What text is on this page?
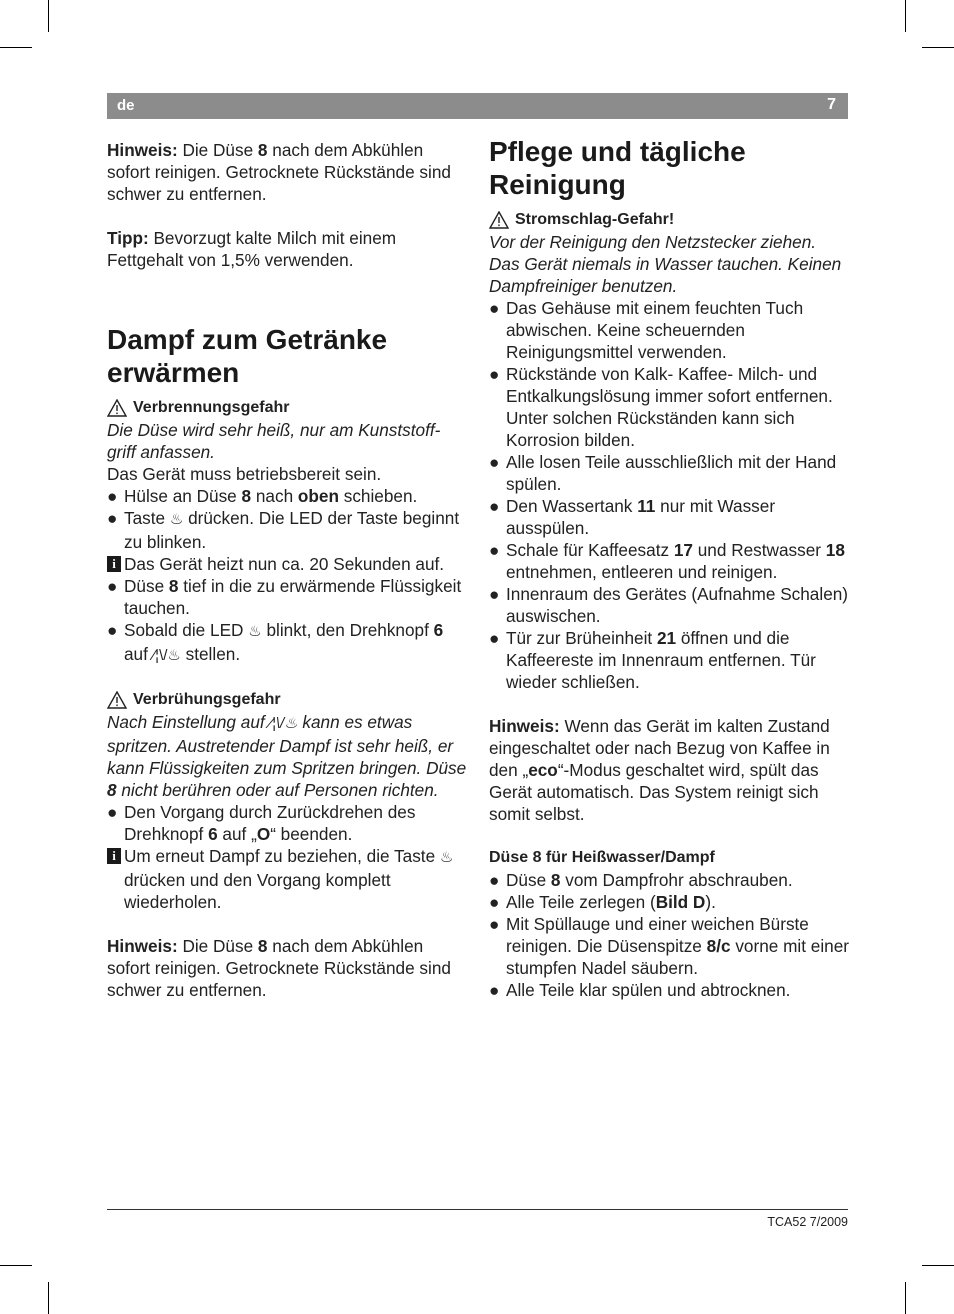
de	7

Hinweis: Die Düse 8 nach dem Abkühlen sofort reinigen. Getrocknete Rückstände sind schwer zu entfernen.

Tipp: Bevorzugt kalte Milch mit einem Fettgehalt von 1,5% verwenden.

Dampf zum Getränke erwärmen
Verbrennungsgefahr

Die Düse wird sehr heiß, nur am Kunststoff-griff anfassen.

Das Gerät muss betriebsbereit sein.

● Hülse an Düse 8 nach oben schieben.
● Taste ♨ drücken. Die LED der Taste beginnt zu blinken.
i Das Gerät heizt nun ca. 20 Sekunden auf.
● Düse 8 tief in die zu erwärmende Flüssigkeit tauchen.
● Sobald die LED ♨ blinkt, den Drehknopf 6 auf ⁄¦\/♨ stellen.
Verbrühungsgefahr

Nach Einstellung auf ⁄¦\/♨ kann es etwas spritzen. Austretender Dampf ist sehr heiß, er kann Flüssigkeiten zum Spritzen bringen. Düse 8 nicht berühren oder auf Personen richten.

● Den Vorgang durch Zurückdrehen des Drehknopf 6 auf „O“ beenden.
i Um erneut Dampf zu beziehen, die Taste ♨ drücken und den Vorgang komplett wiederholen.

Hinweis: Die Düse 8 nach dem Abkühlen sofort reinigen. Getrocknete Rückstände sind schwer zu entfernen.

Pflege und tägliche Reinigung
Stromschlag-Gefahr!

Vor der Reinigung den Netzstecker ziehen. Das Gerät niemals in Wasser tauchen. Keinen Dampfreiniger benutzen.

● Das Gehäuse mit einem feuchten Tuch abwischen. Keine scheuernden Reinigungsmittel verwenden.
● Rückstände von Kalk- Kaffee- Milch- und Entkalkungslösung immer sofort entfernen. Unter solchen Rückständen kann sich Korrosion bilden.
● Alle losen Teile ausschließlich mit der Hand spülen.
● Den Wassertank 11 nur mit Wasser ausspülen.
● Schale für Kaffeesatz 17 und Restwasser 18 entnehmen, entleeren und reinigen.
● Innenraum des Gerätes (Aufnahme Schalen) auswischen.
● Tür zur Brüheinheit 21 öffnen und die Kaffeereste im Innenraum entfernen. Tür wieder schließen.

Hinweis: Wenn das Gerät im kalten Zustand eingeschaltet oder nach Bezug von Kaffee in den „eco“-Modus geschaltet wird, spült das Gerät automatisch. Das System reinigt sich somit selbst.

Düse 8 für Heißwasser/Dampf

● Düse 8 vom Dampfrohr abschrauben.
● Alle Teile zerlegen (Bild D).
● Mit Spüllauge und einer weichen Bürste reinigen. Die Düsenspitze 8/c vorne mit einer stumpfen Nadel säubern.
● Alle Teile klar spülen und abtrocknen.
TCA52 7/2009
